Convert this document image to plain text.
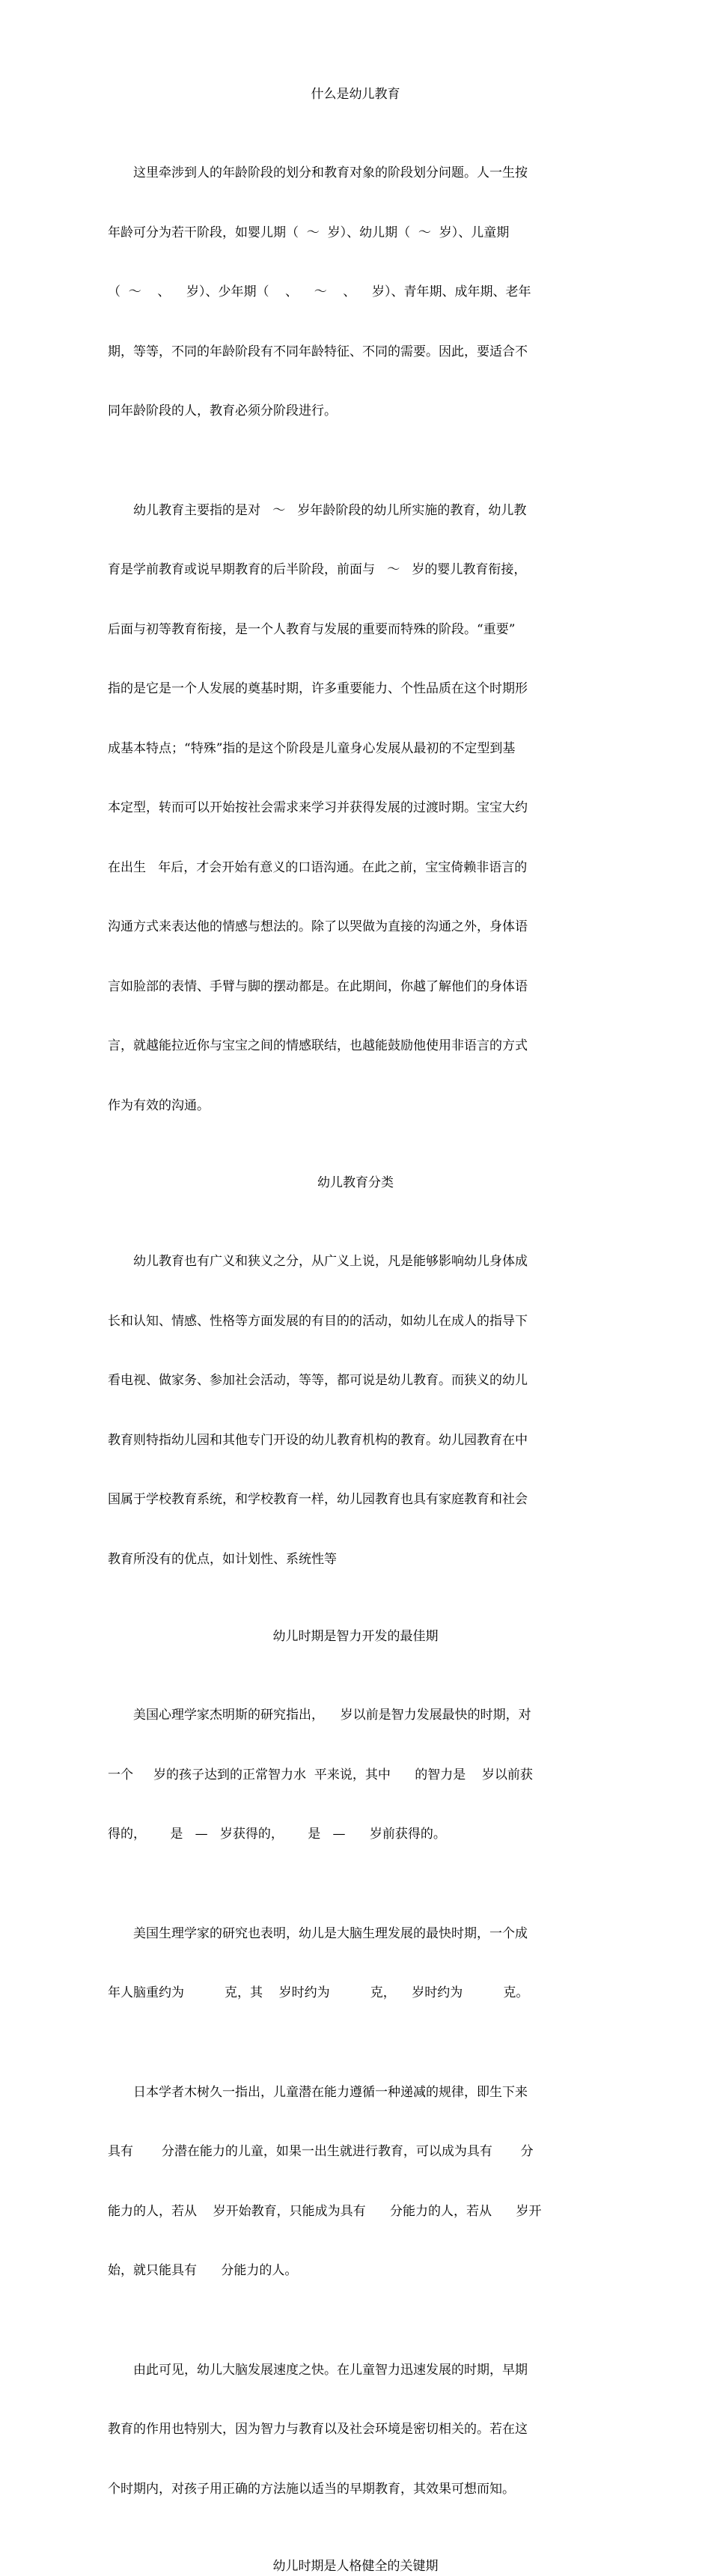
什么是幼儿教育

这里牵涉到人的年龄阶段的划分和教育对象的阶段划分问题。人一生按

年龄可分为若干阶段，如婴儿期（  ～  岁）、幼儿期（  ～  岁）、儿童期

（  ～    、    岁）、少年期（    、    ～    、    岁）、青年期、成年期、老年

期，等等，不同的年龄阶段有不同年龄特征、不同的需要。因此，要适合不

同年龄阶段的人，教育必须分阶段进行。

幼儿教育主要指的是对   ～   岁年龄阶段的幼儿所实施的教育，幼儿教

育是学前教育或说早期教育的后半阶段，前面与   ～   岁的婴儿教育衔接，

后面与初等教育衔接，是一个人教育与发展的重要而特殊的阶段。“重要”

指的是它是一个人发展的奠基时期，许多重要能力、个性品质在这个时期形

成基本特点；“特殊”指的是这个阶段是儿童身心发展从最初的不定型到基

本定型，转而可以开始按社会需求来学习并获得发展的过渡时期。宝宝大约

在出生   年后，才会开始有意义的口语沟通。在此之前，宝宝倚赖非语言的

沟通方式来表达他的情感与想法的。除了以哭做为直接的沟通之外，身体语

言如脸部的表情、手臂与脚的摆动都是。在此期间，你越了解他们的身体语

言，就越能拉近你与宝宝之间的情感联结，也越能鼓励他使用非语言的方式

作为有效的沟通。

幼儿教育分类

幼儿教育也有广义和狭义之分，从广义上说，凡是能够影响幼儿身体成

长和认知、情感、性格等方面发展的有目的的活动，如幼儿在成人的指导下

看电视、做家务、参加社会活动，等等，都可说是幼儿教育。而狭义的幼儿

教育则特指幼儿园和其他专门开设的幼儿教育机构的教育。幼儿园教育在中

国属于学校教育系统，和学校教育一样，幼儿园教育也具有家庭教育和社会

教育所没有的优点，如计划性、系统性等

幼儿时期是智力开发的最佳期

美国心理学家杰明斯的研究指出，    岁以前是智力发展最快的时期，对

一个     岁的孩子达到的正常智力水  平来说，其中      的智力是    岁以前获

得的，      是   —   岁获得的，      是   —      岁前获得的。

美国生理学家的研究也表明，幼儿是大脑生理发展的最快时期，一个成

年人脑重约为          克，其    岁时约为          克，    岁时约为          克。

日本学者木树久一指出，儿童潜在能力遵循一种递减的规律，即生下来

具有       分潜在能力的儿童，如果一出生就进行教育，可以成为具有       分

能力的人，若从    岁开始教育，只能成为具有      分能力的人，若从      岁开

始，就只能具有      分能力的人。

由此可见，幼儿大脑发展速度之快。在儿童智力迅速发展的时期，早期

教育的作用也特别大，因为智力与教育以及社会环境是密切相关的。若在这

个时期内，对孩子用正确的方法施以适当的早期教育，其效果可想而知。

幼儿时期是人格健全的关键期
